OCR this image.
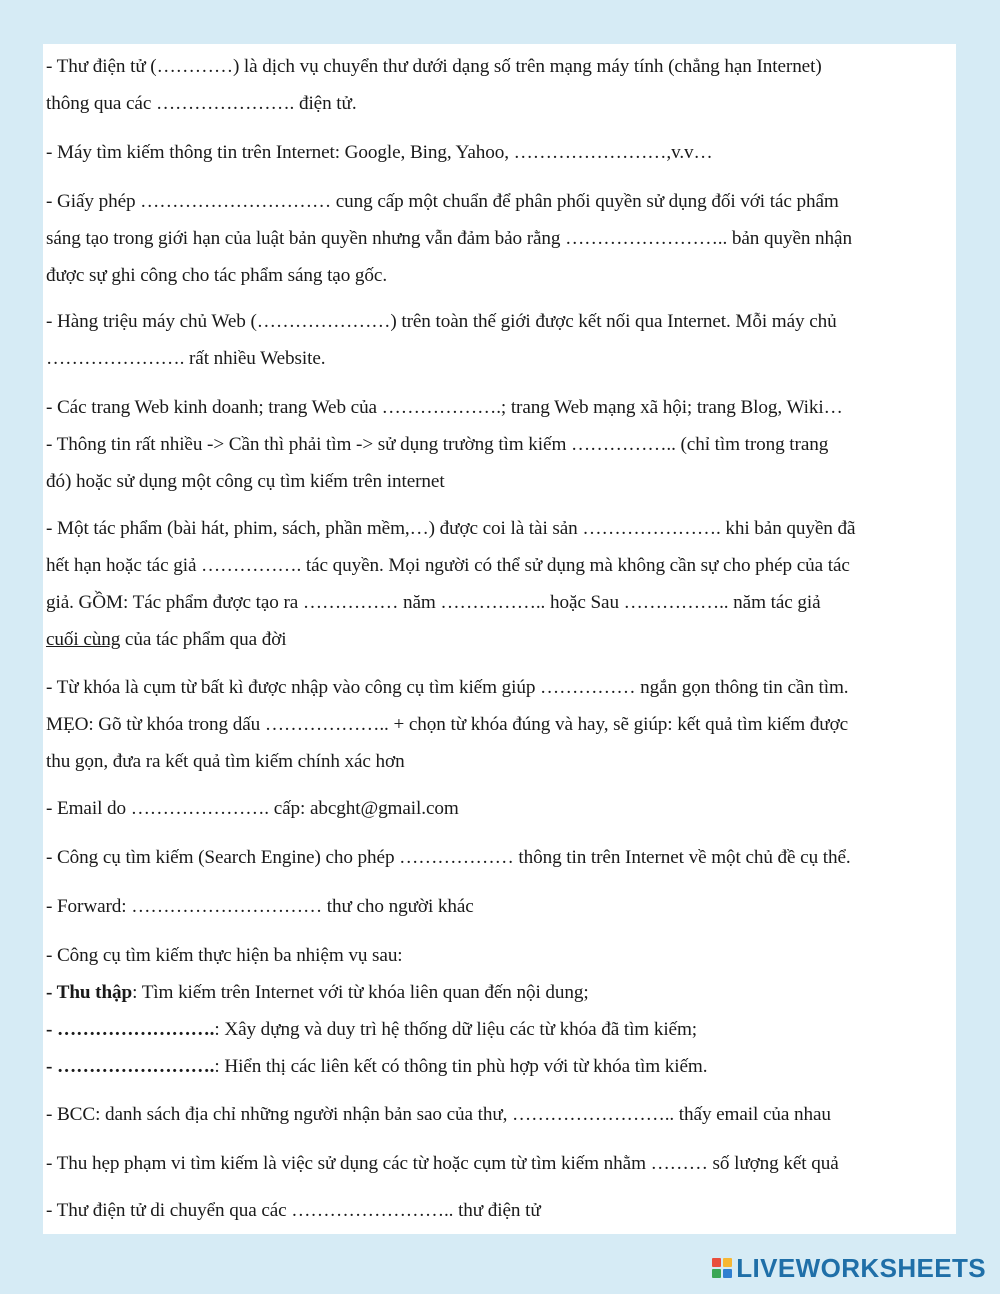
- Thư điện tử (…………) là dịch vụ chuyển thư dưới dạng số trên mạng máy tính (chẳng hạn Internet)

thông qua các …………………. điện tử.

- Máy tìm kiếm thông tin trên Internet: Google, Bing, Yahoo, ……………………,v.v…

- Giấy phép ………………………… cung cấp một chuẩn để phân phối quyền sử dụng đối với tác phẩm

sáng tạo trong giới hạn của luật bản quyền nhưng vẫn đảm bảo rằng …………………….. bản quyền nhận

được sự ghi công cho tác phẩm sáng tạo gốc.

- Hàng triệu máy chủ Web (…………………) trên toàn thế giới được kết nối qua Internet. Mỗi máy chủ

…………………. rất nhiều Website.

- Các trang Web kinh doanh; trang Web của ……………….; trang Web mạng xã hội; trang Blog, Wiki…

- Thông tin rất nhiều -> Cần thì phải tìm -> sử dụng trường tìm kiếm …………….. (chỉ tìm trong trang

đó) hoặc sử dụng một công cụ tìm kiếm trên internet

- Một tác phẩm (bài hát, phim, sách, phần mềm,…) được coi là tài sản …………………. khi bản quyền đã

hết hạn hoặc tác giả ……………. tác quyền. Mọi người có thể sử dụng mà không cần sự cho phép của tác

giả. GỒM: Tác phẩm được tạo ra …………… năm …………….. hoặc Sau …………….. năm tác giả

cuối cùng của tác phẩm qua đời

- Từ khóa là cụm từ bất kì được nhập vào công cụ tìm kiếm giúp …………… ngắn gọn thông tin cần tìm.

MẸO: Gõ từ khóa trong dấu ……………….. + chọn từ khóa đúng và hay, sẽ giúp: kết quả tìm kiếm được

thu gọn, đưa ra kết quả tìm kiếm chính xác hơn

- Email do …………………. cấp: abcght@gmail.com

- Công cụ tìm kiếm (Search Engine) cho phép ……………… thông tin trên Internet về một chủ đề cụ thể.

- Forward: ………………………… thư cho người khác

- Công cụ tìm kiếm thực hiện ba nhiệm vụ sau:

- Thu thập: Tìm kiếm trên Internet với từ khóa liên quan đến nội dung;

- …………………….: Xây dựng và duy trì hệ thống dữ liệu các từ khóa đã tìm kiếm;

- …………………….: Hiển thị các liên kết có thông tin phù hợp với từ khóa tìm kiếm.

- BCC: danh sách địa chỉ những người nhận bản sao của thư, …………………….. thấy email của nhau

- Thu hẹp phạm vi tìm kiếm là việc sử dụng các từ hoặc cụm từ tìm kiếm nhằm ……… số lượng kết quả

- Thư điện tử di chuyển qua các …………………….. thư điện tử

LIVEWORKSHEETS
